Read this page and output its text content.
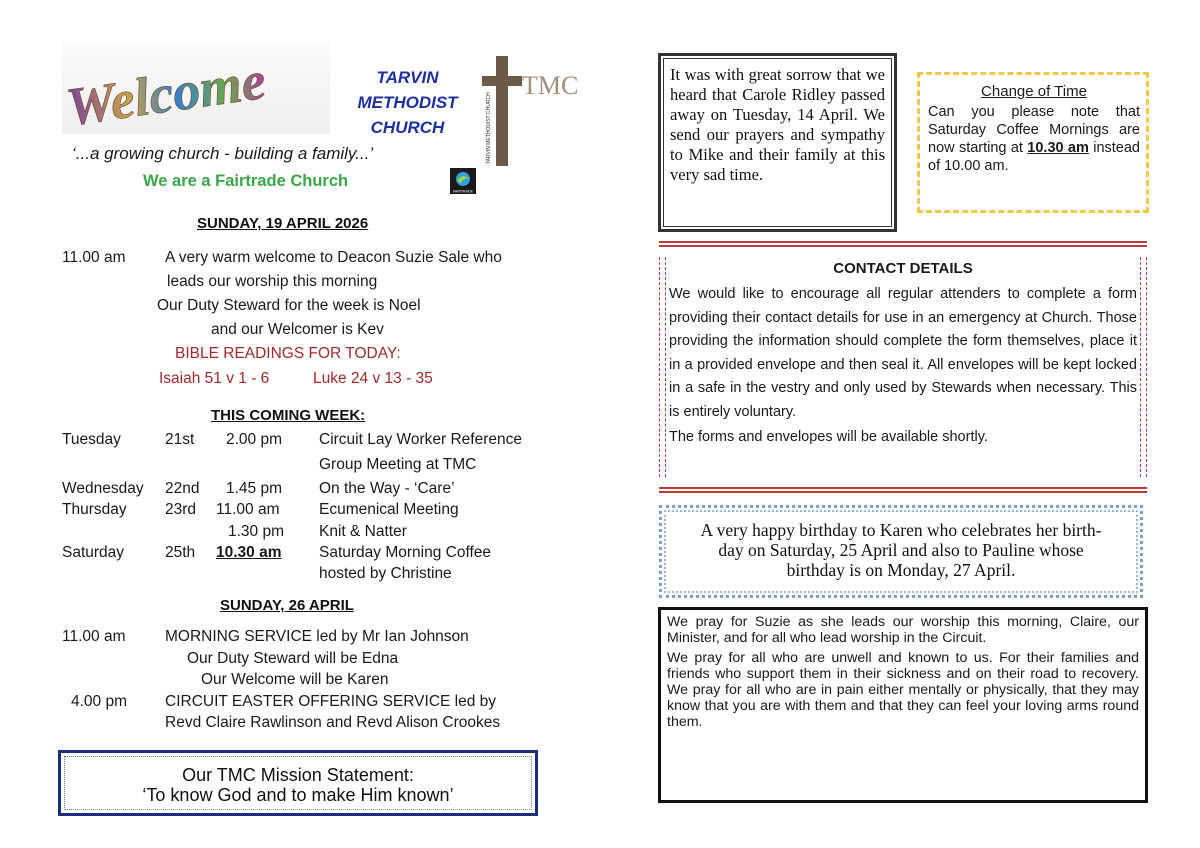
Welcome	TARVIN
METHODIST
CHURCH
TMC
TARVIN METHODIST CHURCH
‘...a growing church - building a family...’
We are a Fairtrade Church
FAIRTRADE
SUNDAY, 19 APRIL 2026
11.00 am	A very warm welcome to Deacon Suzie Sale who
leads our worship this morning
Our Duty Steward for the week is Noel
and our Welcomer is Kev
BIBLE READINGS FOR TODAY:
Isaiah 51 v 1 - 6	Luke 24 v 13 - 35
THIS COMING WEEK:
Tuesday	21st 2.00 pm Circuit Lay Worker Reference
Group Meeting at TMC
Wednesday 22nd 1.45 pm On the Way - ‘Care’
Thursday 23rd 11.00 am	Ecumenical Meeting
1.30 pm Knit & Natter
Saturday	25th 10.30 am Saturday Morning Coffee
hosted by Christine
SUNDAY, 26 APRIL
11.00 am	MORNING SERVICE led by Mr Ian Johnson
Our Duty Steward will be Edna
Our Welcome will be Karen
4.00 pm CIRCUIT EASTER OFFERING SERVICE led by
Revd Claire Rawlinson and Revd Alison Crookes
Our TMC Mission Statement:
‘To know God and to make Him known’
It was with great sorrow that we heard that Carole Ridley passed away on Tuesday, 14 April. We send our prayers and sympathy to Mike and their family at this very sad time.
Change of Time
Can you please note that Saturday Coffee Mornings are now starting at 10.30 am instead of 10.00 am.
CONTACT DETAILS
We would like to encourage all regular attenders to complete a form providing their contact details for use in an emergency at Church. Those providing the information should complete the form themselves, place it in a provided envelope and then seal it. All envelopes will be kept locked in a safe in the vestry and only used by Stewards when necessary. This is entirely voluntary.
The forms and envelopes will be available shortly.
A very happy birthday to Karen who celebrates her birth-
day on Saturday, 25 April and also to Pauline whose
birthday is on Monday, 27 April.

We pray for Suzie as she leads our worship this morning, Claire, our Minister, and for all who lead worship in the Circuit.

We pray for all who are unwell and known to us. For their families and friends who support them in their sickness and on their road to recovery. We pray for all who are in pain either mentally or physically, that they may know that you are with them and that they can feel your loving arms round them.
